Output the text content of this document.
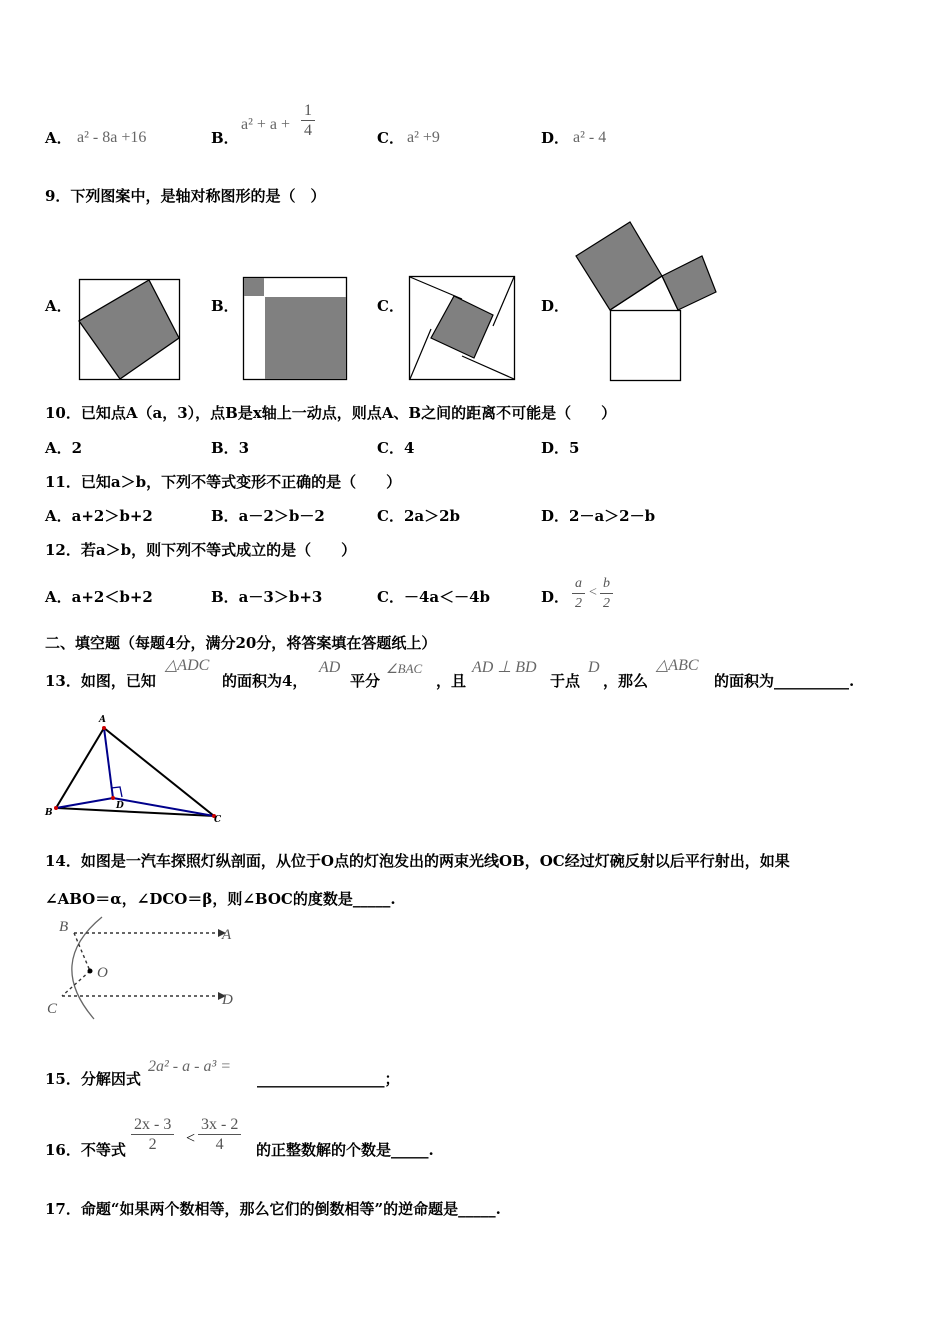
A． a² - 8a +16	B．
$a^2 + a + \frac{1}{4}$	C． a² +9	D． a² - 4
9．下列图案中，是轴对称图形的是（　）
A．	B．	C．	D．
10．已知点A（a，3），点B是x轴上一动点，则点A、B之间的距离不可能是（　　）
A．2	B．3	C．4	D．5
11．已知a＞b，下列不等式变形不正确的是（　　）
A．a+2＞b+2	B．a－2＞b－2	C．2a＞2b	D．2－a＞2－b
12．若a＞b，则下列不等式成立的是（　　）
A．a+2＜b+2	B．a－3＞b+3	C．－4a＜－4b	D． $\frac{a}{2} < \frac{b}{2}$
二、填空题（每题4分，满分20分，将答案填在答题纸上）
13．如图，已知
△ADC
的面积为4，
AD
平分
∠BAC
，且
AD ⊥ BD
于点
D
，那么
△ABC
的面积为__________.
A
B
C
D
14．如图是一汽车探照灯纵剖面，从位于O点的灯泡发出的两束光线OB，OC经过灯碗反射以后平行射出，如果
∠ABO＝α，∠DCO＝β，则∠BOC的度数是_____.
B	A
O
C
D
15．分解因式
2a² - a - a³ =
_________________；
16．不等式 $\frac{2x - 3}{2} < \frac{3x - 2}{4}$ 的正整数解的个数是_____.
17．命题“如果两个数相等，那么它们的倒数相等”的逆命题是_____.
